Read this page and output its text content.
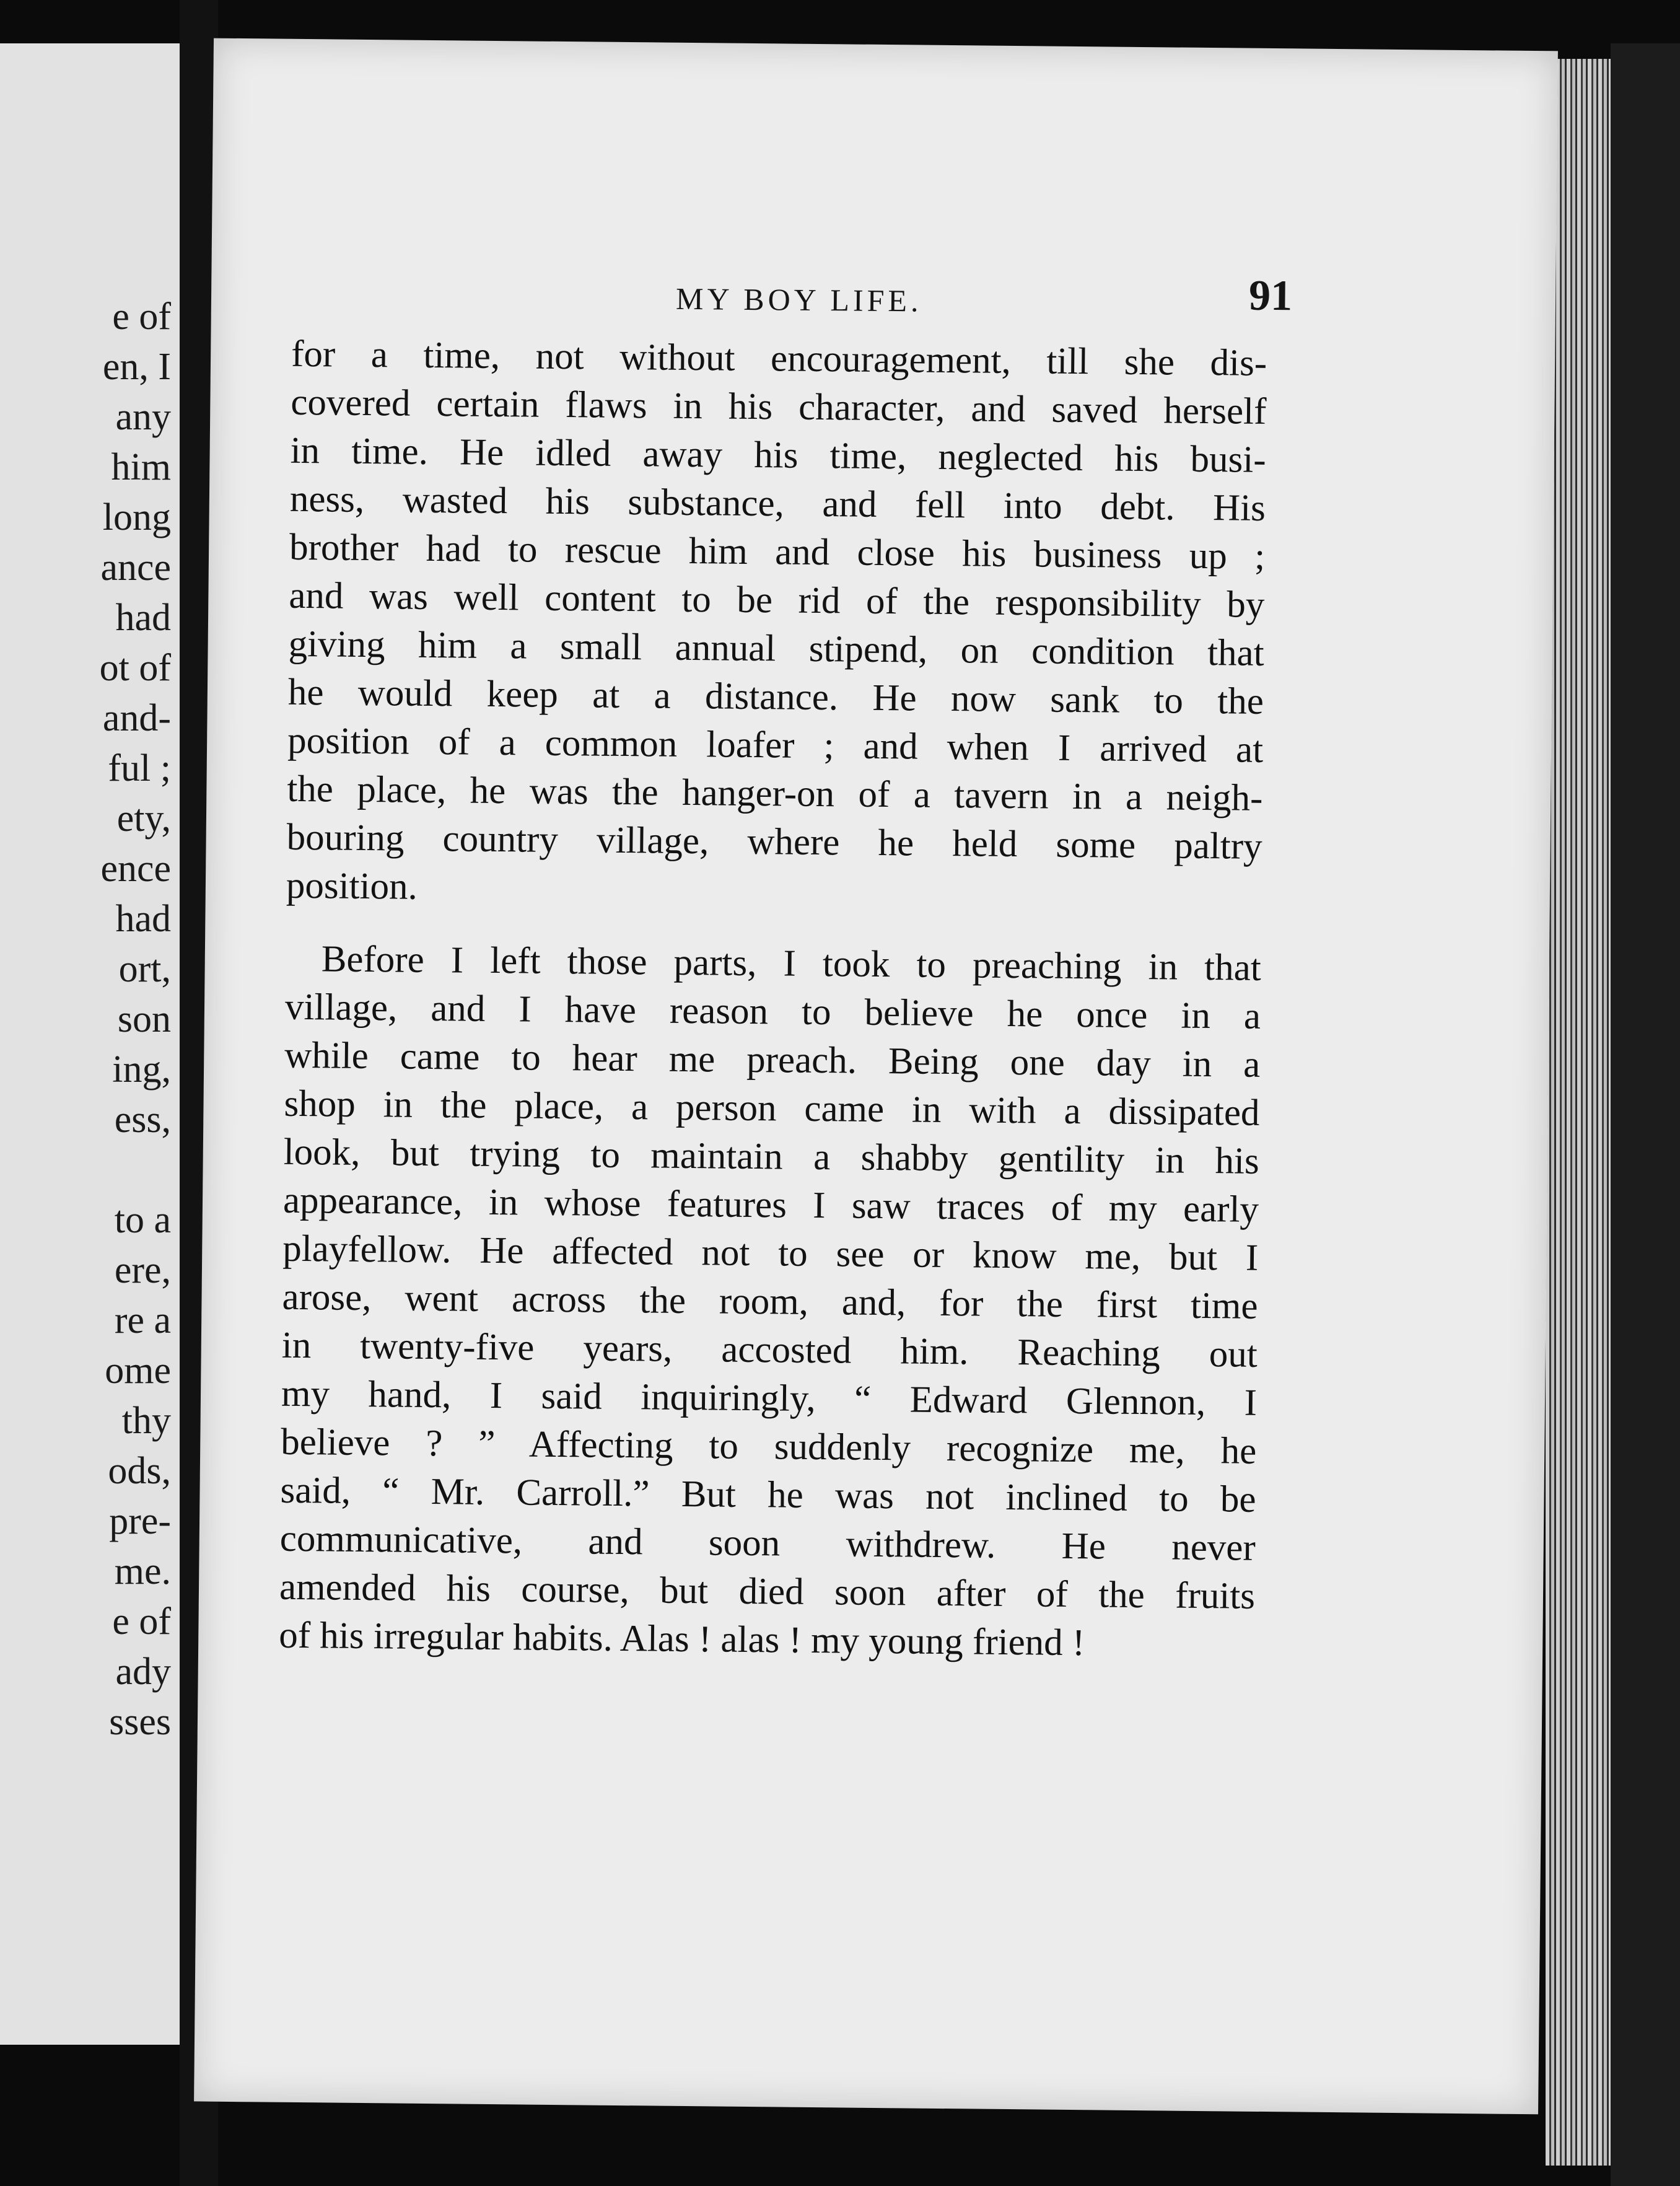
e of
en, I
any
him
long
ance
had
ot of
and-
ful ;
ety,
ence
had
ort,
son
ing,
ess,
to a
ere,
re a
ome
thy
ods,
pre-
me.
e of
ady
sses
MY BOY LIFE.	91
for a time, not without encouragement, till she dis-
covered certain flaws in his character, and saved herself
in time. He idled away his time, neglected his busi-
ness, wasted his substance, and fell into debt. His
brother had to rescue him and close his business up ;
and was well content to be rid of the responsibility by
giving him a small annual stipend, on condition that
he would keep at a distance. He now sank to the
position of a common loafer ; and when I arrived at
the place, he was the hanger-on of a tavern in a neigh-
bouring country village, where he held some paltry
position.
Before I left those parts, I took to preaching in that
village, and I have reason to believe he once in a
while came to hear me preach. Being one day in a
shop in the place, a person came in with a dissipated
look, but trying to maintain a shabby gentility in his
appearance, in whose features I saw traces of my early
playfellow. He affected not to see or know me, but I
arose, went across the room, and, for the first time
in twenty-five years, accosted him. Reaching out
my hand, I said inquiringly, “ Edward Glennon, I
believe ? ” Affecting to suddenly recognize me, he
said, “ Mr. Carroll.” But he was not inclined to be
communicative, and soon withdrew. He never
amended his course, but died soon after of the fruits
of his irregular habits. Alas ! alas ! my young friend !
